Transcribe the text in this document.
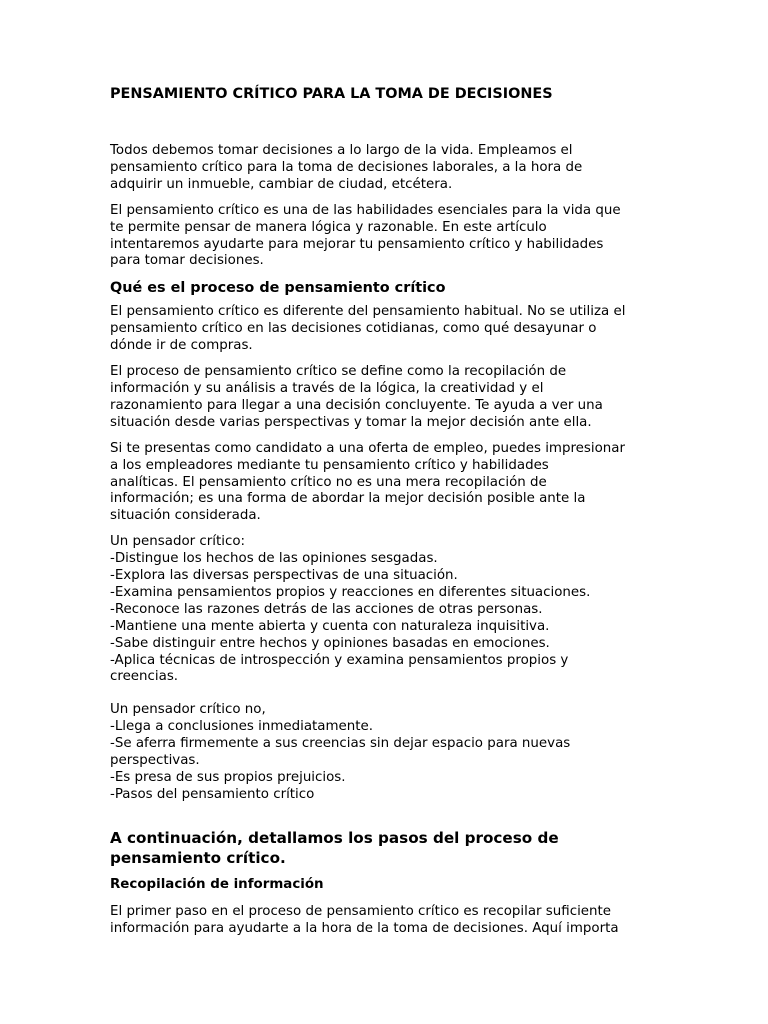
PENSAMIENTO CRÍTICO PARA LA TOMA DE DECISIONES

Todos debemos tomar decisiones a lo largo de la vida. Empleamos el
pensamiento crítico para la toma de decisiones laborales, a la hora de
adquirir un inmueble, cambiar de ciudad, etcétera.

El pensamiento crítico es una de las habilidades esenciales para la vida que
te permite pensar de manera lógica y razonable. En este artículo
intentaremos ayudarte para mejorar tu pensamiento crítico y habilidades
para tomar decisiones.

Qué es el proceso de pensamiento crítico

El pensamiento crítico es diferente del pensamiento habitual. No se utiliza el
pensamiento crítico en las decisiones cotidianas, como qué desayunar o
dónde ir de compras.

El proceso de pensamiento crítico se define como la recopilación de
información y su análisis a través de la lógica, la creatividad y el
razonamiento para llegar a una decisión concluyente. Te ayuda a ver una
situación desde varias perspectivas y tomar la mejor decisión ante ella.

Si te presentas como candidato a una oferta de empleo, puedes impresionar
a los empleadores mediante tu pensamiento crítico y habilidades
analíticas. El pensamiento crítico no es una mera recopilación de
información; es una forma de abordar la mejor decisión posible ante la
situación considerada.

Un pensador crítico:
-Distingue los hechos de las opiniones sesgadas.
-Explora las diversas perspectivas de una situación.
-Examina pensamientos propios y reacciones en diferentes situaciones.
-Reconoce las razones detrás de las acciones de otras personas.
-Mantiene una mente abierta y cuenta con naturaleza inquisitiva.
-Sabe distinguir entre hechos y opiniones basadas en emociones.
-Aplica técnicas de introspección y examina pensamientos propios y
creencias.

Un pensador crítico no,
-Llega a conclusiones inmediatamente.
-Se aferra firmemente a sus creencias sin dejar espacio para nuevas
perspectivas.
-Es presa de sus propios prejuicios.
-Pasos del pensamiento crítico

A continuación, detallamos los pasos del proceso de
pensamiento crítico.
Recopilación de información

El primer paso en el proceso de pensamiento crítico es recopilar suficiente
información para ayudarte a la hora de la toma de decisiones. Aquí importa
